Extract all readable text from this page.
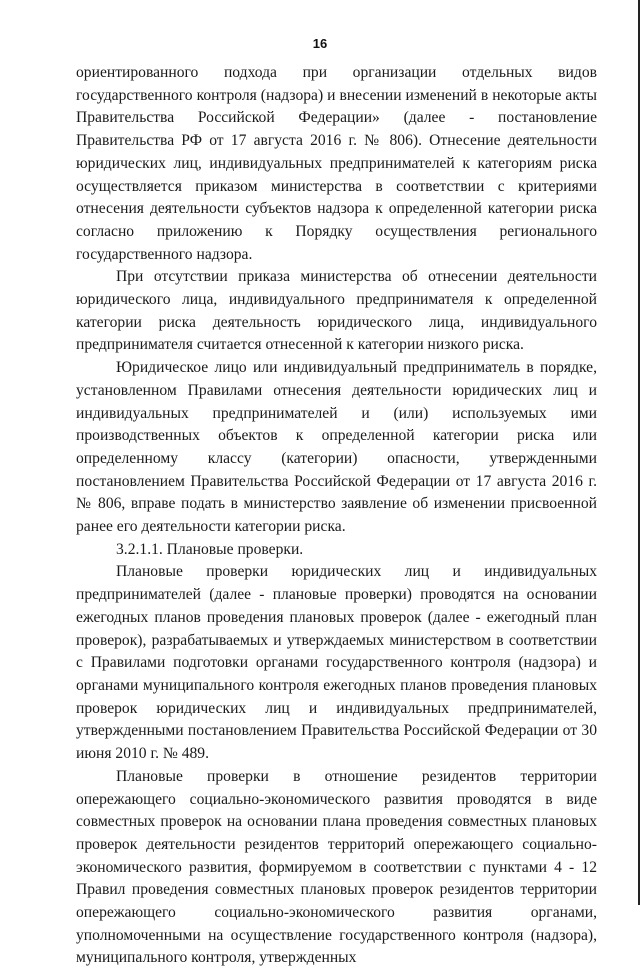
16

ориентированного подхода при организации отдельных видов государственного контроля (надзора) и внесении изменений в некоторые акты Правительства Российской Федерации» (далее - постановление Правительства РФ от 17 августа 2016 г. № 806). Отнесение деятельности юридических лиц, индивидуальных предпринимателей к категориям риска осуществляется приказом министерства в соответствии с критериями отнесения деятельности субъектов надзора к определенной категории риска согласно приложению к Порядку осуществления регионального государственного надзора.

При отсутствии приказа министерства об отнесении деятельности юридического лица, индивидуального предпринимателя к определенной категории риска деятельность юридического лица, индивидуального предпринимателя считается отнесенной к категории низкого риска.

Юридическое лицо или индивидуальный предприниматель в порядке, установленном Правилами отнесения деятельности юридических лиц и индивидуальных предпринимателей и (или) используемых ими производственных объектов к определенной категории риска или определенному классу (категории) опасности, утвержденными постановлением Правительства Российской Федерации от 17 августа 2016 г. № 806, вправе подать в министерство заявление об изменении присвоенной ранее его деятельности категории риска.

3.2.1.1. Плановые проверки.

Плановые проверки юридических лиц и индивидуальных предпринимателей (далее - плановые проверки) проводятся на основании ежегодных планов проведения плановых проверок (далее - ежегодный план проверок), разрабатываемых и утверждаемых министерством в соответствии с Правилами подготовки органами государственного контроля (надзора) и органами муниципального контроля ежегодных планов проведения плановых проверок юридических лиц и индивидуальных предпринимателей, утвержденными постановлением Правительства Российской Федерации от 30 июня 2010 г. № 489.

Плановые проверки в отношение резидентов территории опережающего социально-экономического развития проводятся в виде совместных проверок на основании плана проведения совместных плановых проверок деятельности резидентов территорий опережающего социально-экономического развития, формируемом в соответствии с пунктами 4 - 12 Правил проведения совместных плановых проверок резидентов территории опережающего социально-экономического развития органами, уполномоченными на осуществление государственного контроля (надзора), муниципального контроля, утвержденных
